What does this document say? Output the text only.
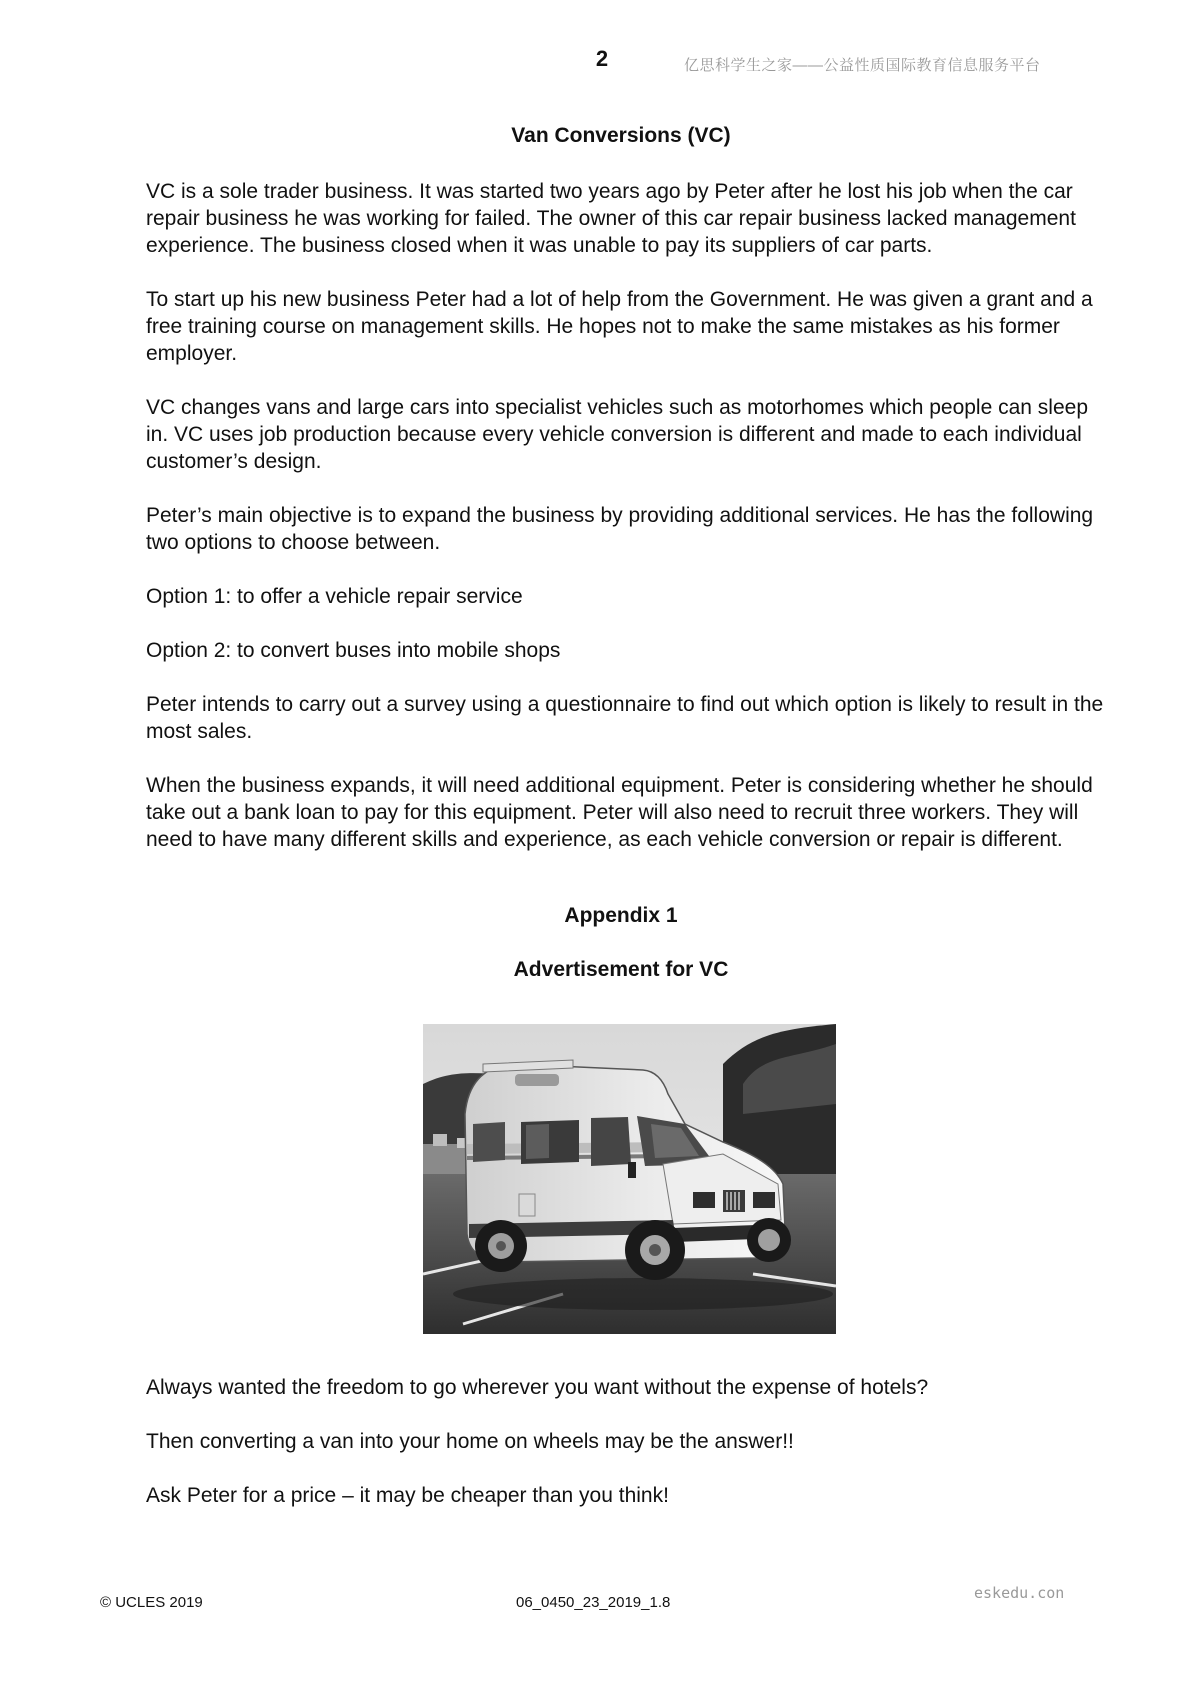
2	亿思科学生之家——公益性质国际教育信息服务平台
Van Conversions (VC)

VC is a sole trader business. It was started two years ago by Peter after he lost his job when the car repair business he was working for failed. The owner of this car repair business lacked management experience. The business closed when it was unable to pay its suppliers of car parts.

To start up his new business Peter had a lot of help from the Government. He was given a grant and a free training course on management skills. He hopes not to make the same mistakes as his former employer.

VC changes vans and large cars into specialist vehicles such as motorhomes which people can sleep in. VC uses job production because every vehicle conversion is different and made to each individual customer’s design.

Peter’s main objective is to expand the business by providing additional services. He has the following two options to choose between.

Option 1: to offer a vehicle repair service

Option 2: to convert buses into mobile shops

Peter intends to carry out a survey using a questionnaire to find out which option is likely to result in the most sales.

When the business expands, it will need additional equipment. Peter is considering whether he should take out a bank loan to pay for this equipment. Peter will also need to recruit three workers. They will need to have many different skills and experience, as each vehicle conversion or repair is different.

Appendix 1
Advertisement for VC

Always wanted the freedom to go wherever you want without the expense of hotels?

Then converting a van into your home on wheels may be the answer!!

Ask Peter for a price – it may be cheaper than you think!

© UCLES 2019	06_0450_23_2019_1.8
eskedu.con
